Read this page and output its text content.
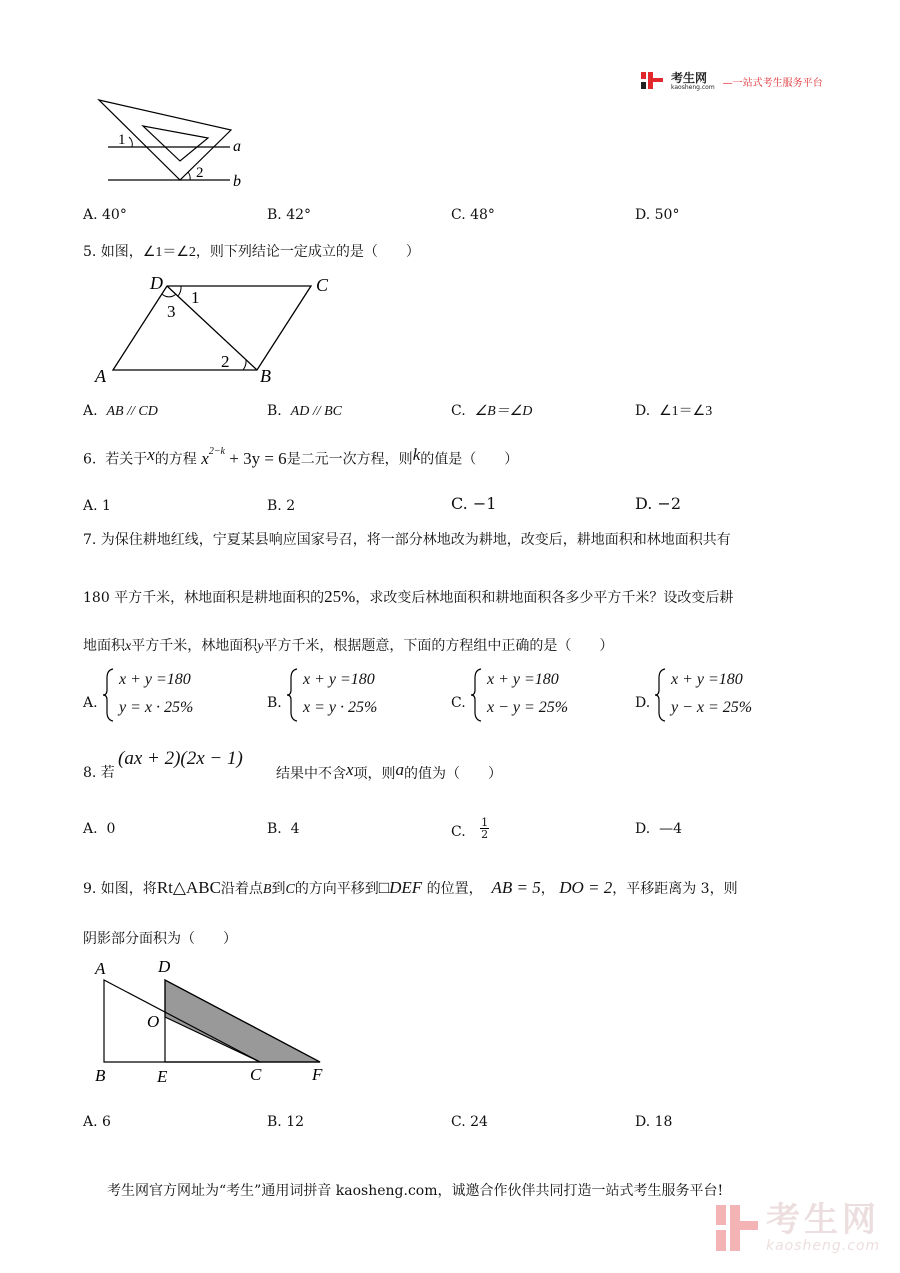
考生网
kaosheng.com —一站式考生服务平台
1
2
a
b
A. 40°	B. 42°	C. 48°	D. 50°
5. 如图，∠1＝∠2，则下列结论一定成立的是（　　）
D	C
A	B
1
3
2
A. AB // CD	B. AD // BC	C. ∠B＝∠D	D. ∠1＝∠3
6. 若关于x的方程 $x^{2-k} + 3y = 6$是二元一次方程，则k的值是（　　）
A. 1	B. 2	C. −1	D. −2
7. 为保住耕地红线，宁夏某县响应国家号召，将一部分林地改为耕地，改变后，耕地面积和林地面积共有
180 平方千米，林地面积是耕地面积的25%，求改变后林地面积和耕地面积各多少平方千米？设改变后耕
地面积x平方千米，林地面积y平方千米，根据题意，下面的方程组中正确的是（　　）
A.
x + y =180
y = x · 25%	B.
x + y =180
x = y · 25%	C.
x + y =180
x − y = 25%	D.
x + y =180
y − x = 25%
8. 若
(ax + 2)(2x − 1)
结果中不含x项，则a的值为（　　）
A. 0	B. 4	C. $\frac{1}{2}$	D. —4
9. 如图，将Rt△ABC沿着点B到C的方向平移到□DEF 的位置， AB = 5， DO = 2，平移距离为 3，则
阴影部分面积为（　　）
A	D
O
B	E	C	F
A. 6	B. 12	C. 24	D. 18
考生网官方网址为“考生”通用词拼音 kaosheng.com，诚邀合作伙伴共同打造一站式考生服务平台!
考生网
kaosheng.com
